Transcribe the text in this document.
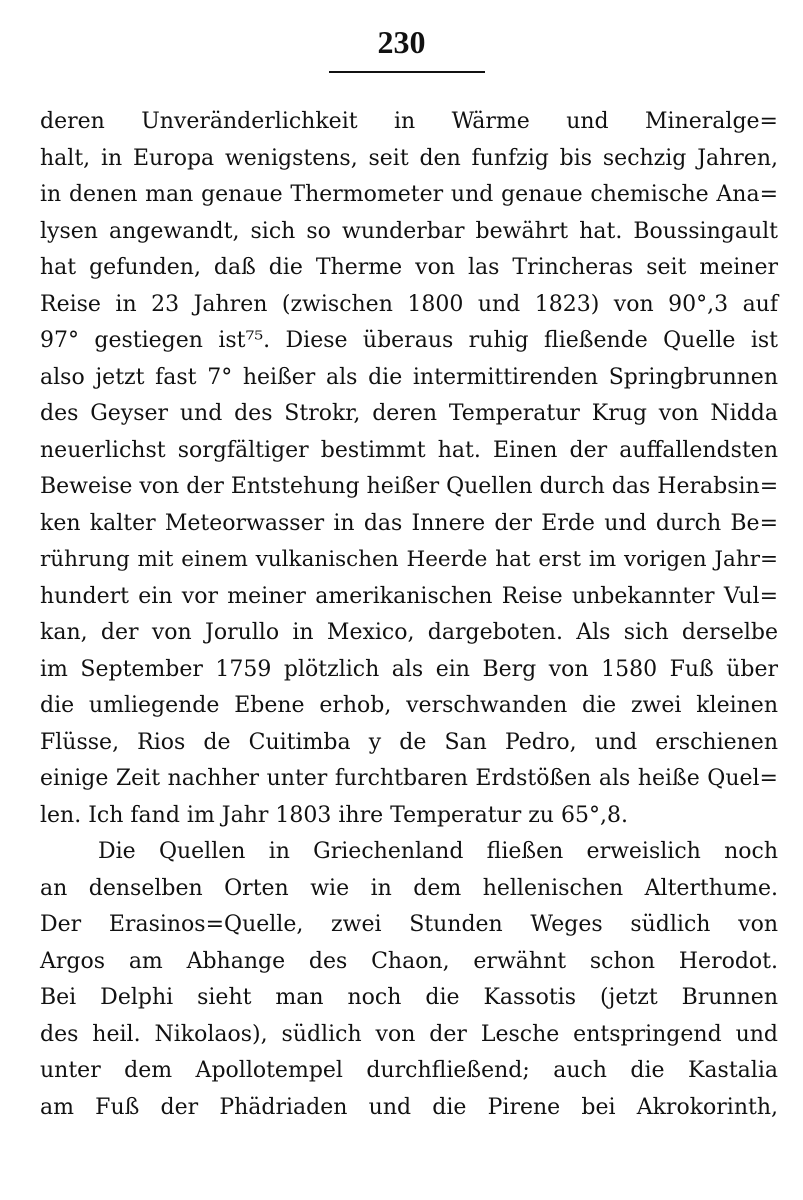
230
deren Unveränderlichkeit in Wärme und Mineralge=
halt, in Europa wenigstens, seit den funfzig bis sechzig Jahren,
in denen man genaue Thermometer und genaue chemische Ana=
lysen angewandt, sich so wunderbar bewährt hat. Boussingault
hat gefunden, daß die Therme von las Trincheras seit meiner
Reise in 23 Jahren (zwischen 1800 und 1823) von 90°,3 auf
97° gestiegen ist⁷⁵. Diese überaus ruhig fließende Quelle ist
also jetzt fast 7° heißer als die intermittirenden Springbrunnen
des Geyser und des Strokr, deren Temperatur Krug von Nidda
neuerlichst sorgfältiger bestimmt hat. Einen der auffallendsten
Beweise von der Entstehung heißer Quellen durch das Herabsin=
ken kalter Meteorwasser in das Innere der Erde und durch Be=
rührung mit einem vulkanischen Heerde hat erst im vorigen Jahr=
hundert ein vor meiner amerikanischen Reise unbekannter Vul=
kan, der von Jorullo in Mexico, dargeboten. Als sich derselbe
im September 1759 plötzlich als ein Berg von 1580 Fuß über
die umliegende Ebene erhob, verschwanden die zwei kleinen
Flüsse, Rios de Cuitimba y de San Pedro, und erschienen
einige Zeit nachher unter furchtbaren Erdstößen als heiße Quel=
len. Ich fand im Jahr 1803 ihre Temperatur zu 65°,8.
Die Quellen in Griechenland fließen erweislich noch
an denselben Orten wie in dem hellenischen Alterthume.
Der Erasinos=Quelle, zwei Stunden Weges südlich von
Argos am Abhange des Chaon, erwähnt schon Herodot.
Bei Delphi sieht man noch die Kassotis (jetzt Brunnen
des heil. Nikolaos), südlich von der Lesche entspringend und
unter dem Apollotempel durchfließend; auch die Kastalia
am Fuß der Phädriaden und die Pirene bei Akrokorinth,
